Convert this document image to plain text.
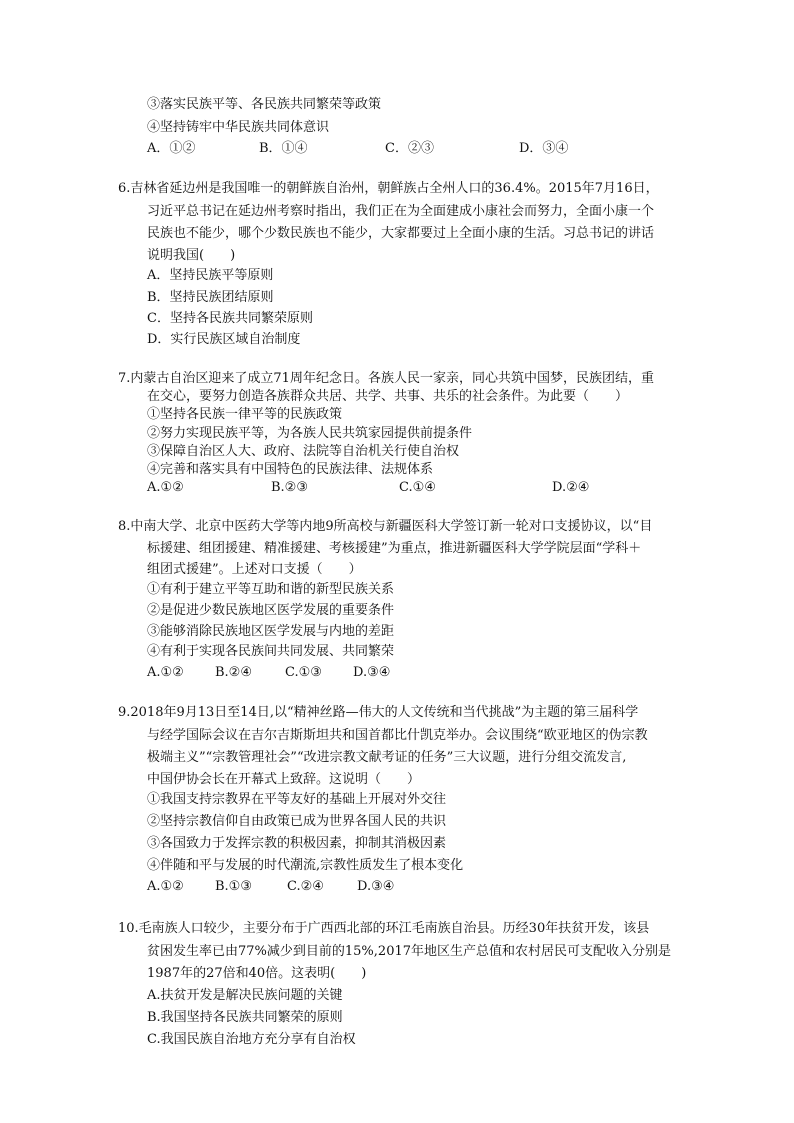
③落实民族平等、各民族共同繁荣等政策
④坚持铸牢中华民族共同体意识
A．①②	B．①④	C．②③	D．③④
6.吉林省延边州是我国唯一的朝鲜族自治州，朝鲜族占全州人口的36.4%。2015年7月16日，
习近平总书记在延边州考察时指出，我们正在为全面建成小康社会而努力，全面小康一个
民族也不能少，哪个少数民族也不能少，大家都要过上全面小康的生活。习总书记的讲话
说明我国(　　)
A．坚持民族平等原则
B．坚持民族团结原则
C．坚持各民族共同繁荣原则
D．实行民族区域自治制度
7.内蒙古自治区迎来了成立71周年纪念日。各族人民一家亲，同心共筑中国梦，民族团结，重
在交心，要努力创造各族群众共居、共学、共事、共乐的社会条件。为此要（　　）
①坚持各民族一律平等的民族政策
②努力实现民族平等，为各族人民共筑家园提供前提条件
③保障自治区人大、政府、法院等自治机关行使自治权
④完善和落实具有中国特色的民族法律、法规体系
A.①②	B.②③	C.①④	D.②④
8.中南大学、北京中医药大学等内地9所高校与新疆医科大学签订新一轮对口支援协议，以“目
标援建、组团援建、精准援建、考核援建”为重点，推进新疆医科大学学院层面“学科＋
组团式援建”。上述对口支援（　　）
①有利于建立平等互助和谐的新型民族关系
②是促进少数民族地区医学发展的重要条件
③能够消除民族地区医学发展与内地的差距
④有利于实现各民族间共同发展、共同繁荣
A.①② B.②④	C.①③ D.③④
9.2018年9月13日至14日,以“精神丝路—伟大的人文传统和当代挑战”为主题的第三届科学
与经学国际会议在吉尔吉斯斯坦共和国首都比什凯克举办。会议围绕“欧亚地区的伪宗教
极端主义”“宗教管理社会”“改进宗教文献考证的任务”三大议题，进行分组交流发言,
中国伊协会长在开幕式上致辞。这说明（　　）
①我国支持宗教界在平等友好的基础上开展对外交往
②坚持宗教信仰自由政策已成为世界各国人民的共识
③各国致力于发挥宗教的积极因素，抑制其消极因素
④伴随和平与发展的时代潮流,宗教性质发生了根本变化
A.①② B.①③	C.②④	D.③④
10.毛南族人口较少，主要分布于广西西北部的环江毛南族自治县。历经30年扶贫开发，该县
贫困发生率已由77%减少到目前的15%,2017年地区生产总值和农村居民可支配收入分别是
1987年的27倍和40倍。这表明(　　)
A.扶贫开发是解决民族问题的关键
B.我国坚持各民族共同繁荣的原则
C.我国民族自治地方充分享有自治权
